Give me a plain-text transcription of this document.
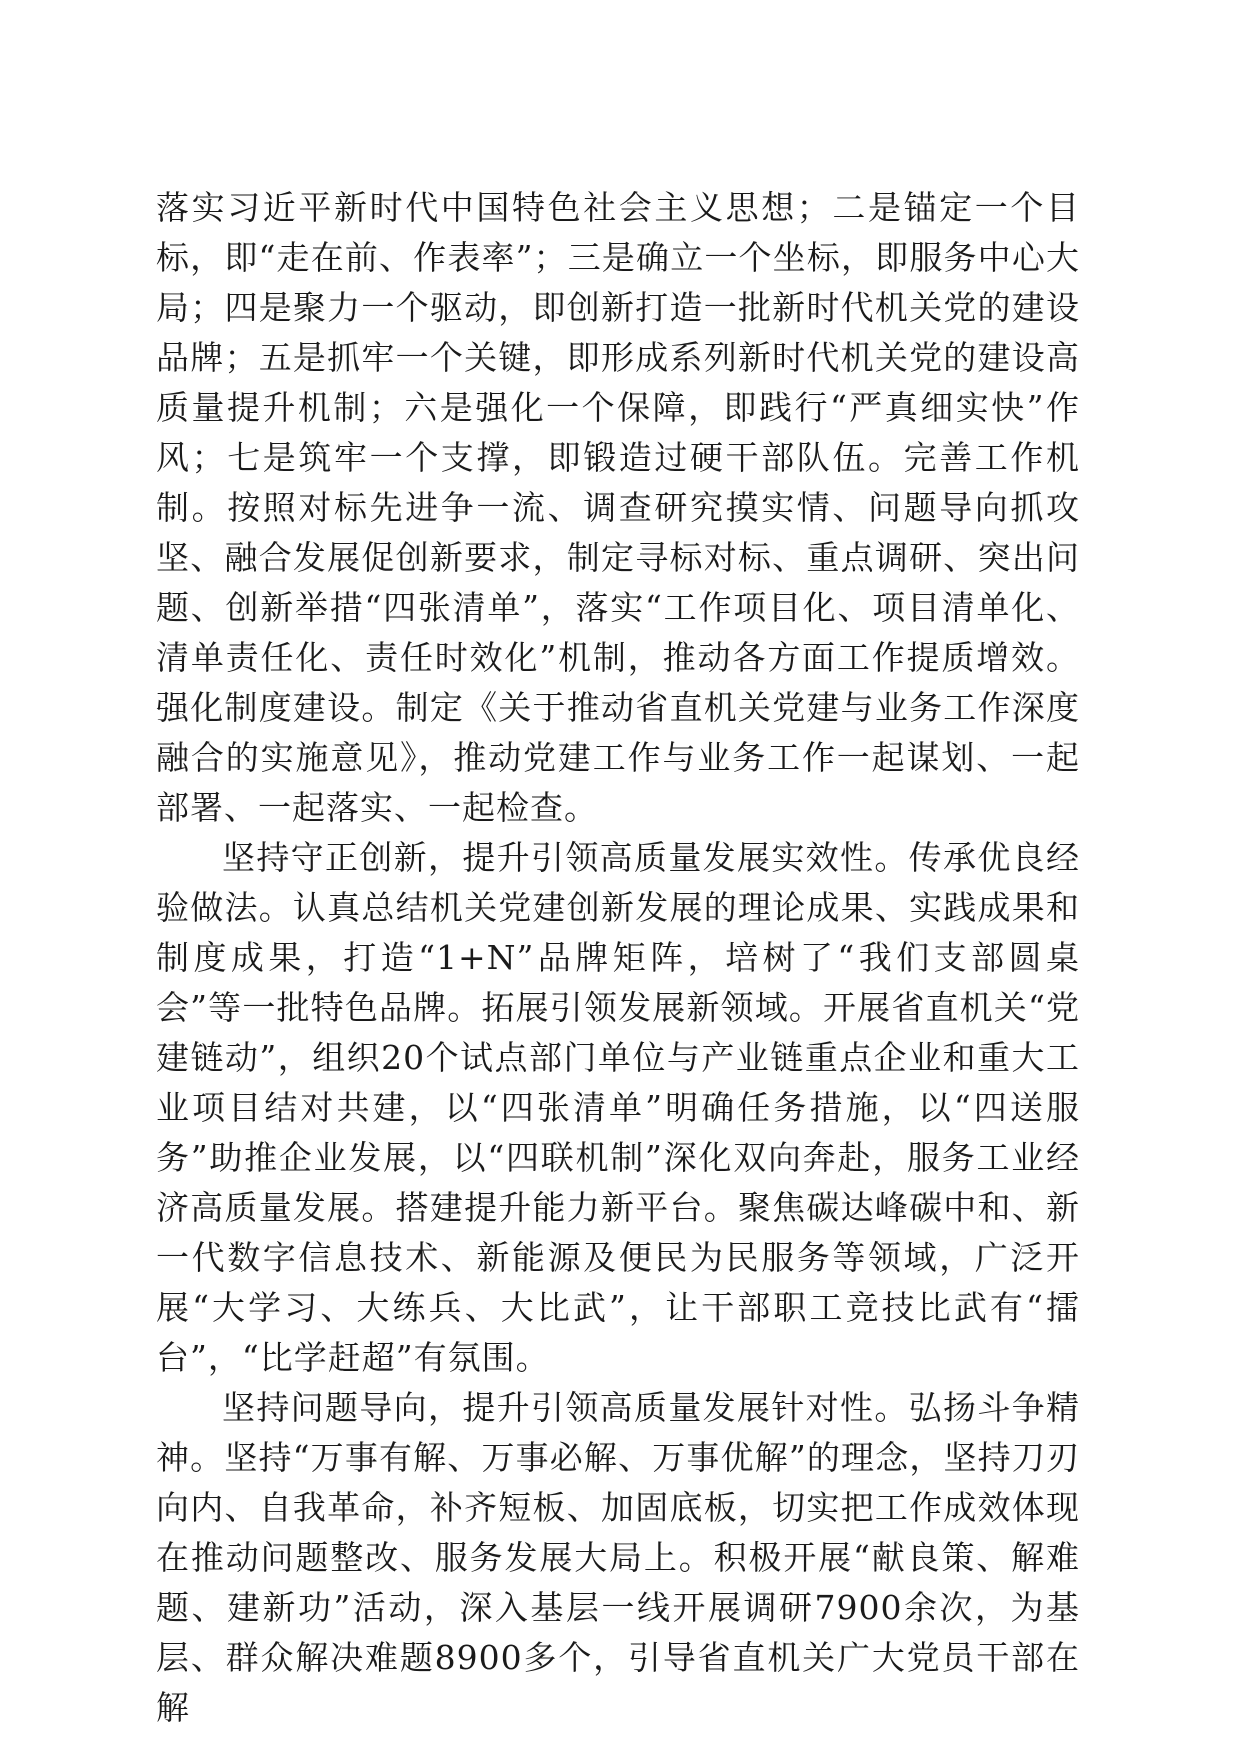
落实习近平新时代中国特色社会主义思想；二是锚定一个目标，即“走在前、作表率”；三是确立一个坐标，即服务中心大局；四是聚力一个驱动，即创新打造一批新时代机关党的建设品牌；五是抓牢一个关键，即形成系列新时代机关党的建设高质量提升机制；六是强化一个保障，即践行“严真细实快”作风；七是筑牢一个支撑，即锻造过硬干部队伍。完善工作机制。按照对标先进争一流、调查研究摸实情、问题导向抓攻坚、融合发展促创新要求，制定寻标对标、重点调研、突出问题、创新举措“四张清单”，落实“工作项目化、项目清单化、清单责任化、责任时效化”机制，推动各方面工作提质增效。强化制度建设。制定《关于推动省直机关党建与业务工作深度融合的实施意见》，推动党建工作与业务工作一起谋划、一起部署、一起落实、一起检查。

坚持守正创新，提升引领高质量发展实效性。传承优良经验做法。认真总结机关党建创新发展的理论成果、实践成果和制度成果，打造“1+N”品牌矩阵，培树了“我们支部圆桌会”等一批特色品牌。拓展引领发展新领域。开展省直机关“党建链动”，组织20个试点部门单位与产业链重点企业和重大工业项目结对共建，以“四张清单”明确任务措施，以“四送服务”助推企业发展，以“四联机制”深化双向奔赴，服务工业经济高质量发展。搭建提升能力新平台。聚焦碳达峰碳中和、新一代数字信息技术、新能源及便民为民服务等领域，广泛开展“大学习、大练兵、大比武”，让干部职工竞技比武有“擂台”，“比学赶超”有氛围。

坚持问题导向，提升引领高质量发展针对性。弘扬斗争精神。坚持“万事有解、万事必解、万事优解”的理念，坚持刀刃向内、自我革命，补齐短板、加固底板，切实把工作成效体现在推动问题整改、服务发展大局上。积极开展“献良策、解难题、建新功”活动，深入基层一线开展调研7900余次，为基层、群众解决难题8900多个，引导省直机关广大党员干部在解
